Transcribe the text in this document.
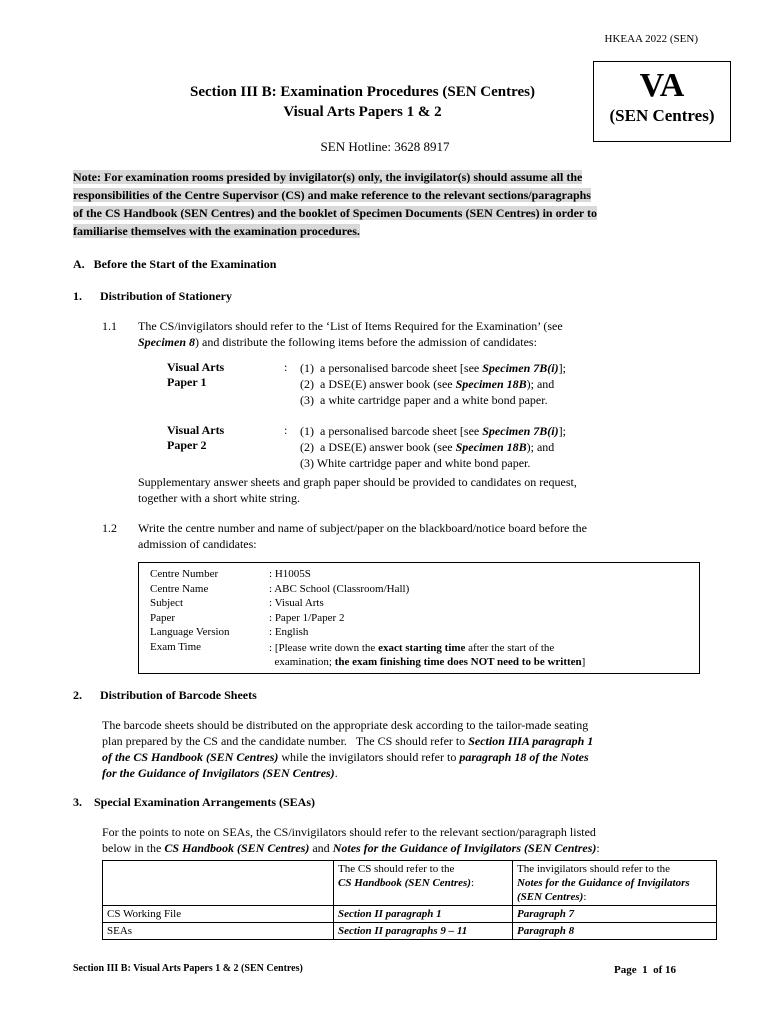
HKEAA 2022 (SEN)
VA
(SEN Centres)
Section III B: Examination Procedures (SEN Centres)
Visual Arts Papers 1 & 2
SEN Hotline: 3628 8917
Note: For examination rooms presided by invigilator(s) only, the invigilator(s) should assume all the
responsibilities of the Centre Supervisor (CS) and make reference to the relevant sections/paragraphs
of the CS Handbook (SEN Centres) and the booklet of Specimen Documents (SEN Centres) in order to
familiarise themselves with the examination procedures.
A.   Before the Start of the Examination
1.      Distribution of Stationery
1.1 The CS/invigilators should refer to the ‘List of Items Required for the Examination’ (see
Specimen 8) and distribute the following items before the admission of candidates:
Visual Arts
Paper 1
: (1)  a personalised barcode sheet [see Specimen 7B(i)];
(2)  a DSE(E) answer book (see Specimen 18B); and
(3)  a white cartridge paper and a white bond paper.
Visual Arts
Paper 2
: (1)  a personalised barcode sheet [see Specimen 7B(i)];
(2)  a DSE(E) answer book (see Specimen 18B); and
(3) White cartridge paper and white bond paper.
Supplementary answer sheets and graph paper should be provided to candidates on request,
together with a short white string.
1.2 Write the centre number and name of subject/paper on the blackboard/notice board before the
admission of candidates:
Centre Number	: H1005S
Centre Name	: ABC School (Classroom/Hall)
Subject	: Visual Arts
Paper	: Paper 1/Paper 2
Language Version	: English
Exam Time	: [Please write down the exact starting time after the start of the
examination; the exam finishing time does NOT need to be written]
2.      Distribution of Barcode Sheets
The barcode sheets should be distributed on the appropriate desk according to the tailor-made seating
plan prepared by the CS and the candidate number.   The CS should refer to Section IIIA paragraph 1
of the CS Handbook (SEN Centres) while the invigilators should refer to paragraph 18 of the Notes
for the Guidance of Invigilators (SEN Centres).
3.    Special Examination Arrangements (SEAs)
For the points to note on SEAs, the CS/invigilators should refer to the relevant section/paragraph listed
below in the CS Handbook (SEN Centres) and Notes for the Guidance of Invigilators (SEN Centres):
	The CS should refer to the
CS Handbook (SEN Centres):	The invigilators should refer to the
Notes for the Guidance of Invigilators (SEN Centres):
CS Working File	Section II paragraph 1	Paragraph 7
SEAs	Section II paragraphs 9 – 11	Paragraph 8
Section III B: Visual Arts Papers 1 & 2 (SEN Centres)	Page  1  of 16
